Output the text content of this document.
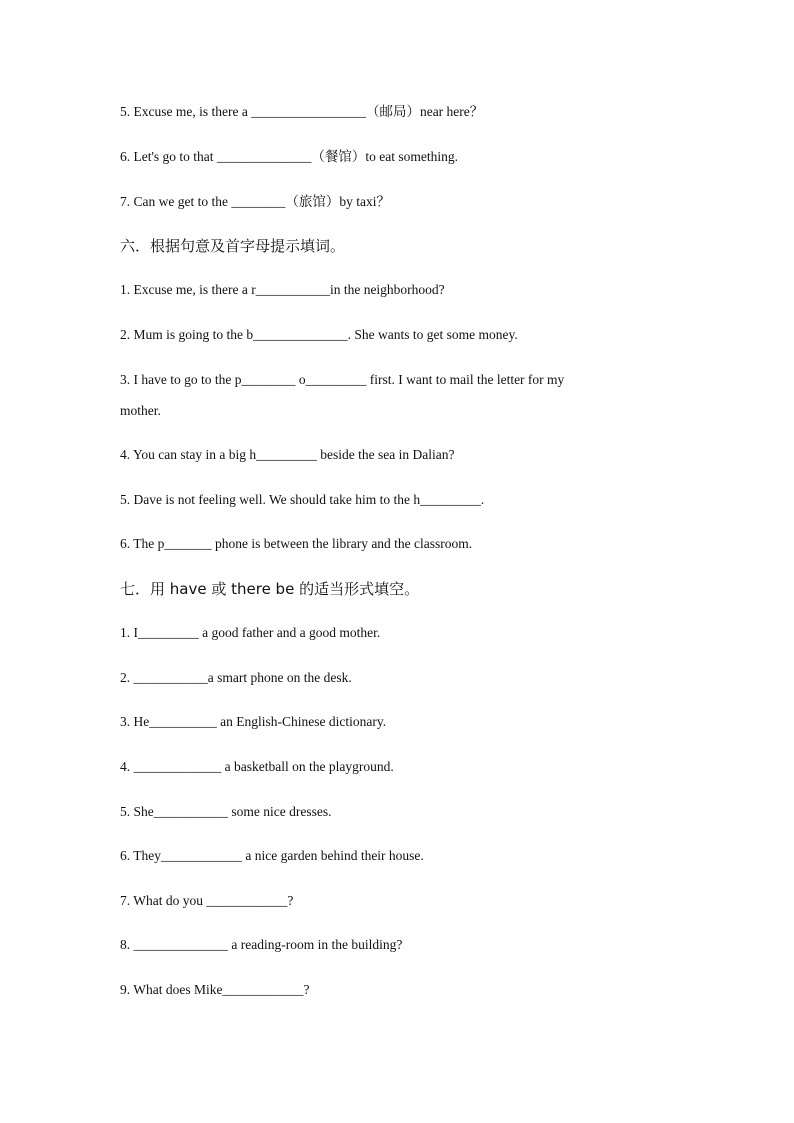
5. Excuse me, is there a _________________（邮局）near here？
6. Let's go to that ______________（餐馆）to eat something.
7. Can we get to the ________（旅馆）by taxi？
六．根据句意及首字母提示填词。
1. Excuse me, is there a r___________in the neighborhood?
2. Mum is going to the b______________. She wants to get some money.
3. I have to go to the p________ o_________ first. I want to mail the letter for my
mother.
4. You can stay in a big h_________ beside the sea in Dalian?
5. Dave is not feeling well. We should take him to the h_________.
6. The p_______ phone is between the library and the classroom.
七．用 have 或 there be 的适当形式填空。
1. I_________ a good father and a good mother.
2. ___________a smart phone on the desk.
3. He__________ an English-Chinese dictionary.
4. _____________ a basketball on the playground.
5. She___________ some nice dresses.
6. They____________ a nice garden behind their house.
7. What do you ____________?
8. ______________ a reading-room in the building?
9. What does Mike____________?
